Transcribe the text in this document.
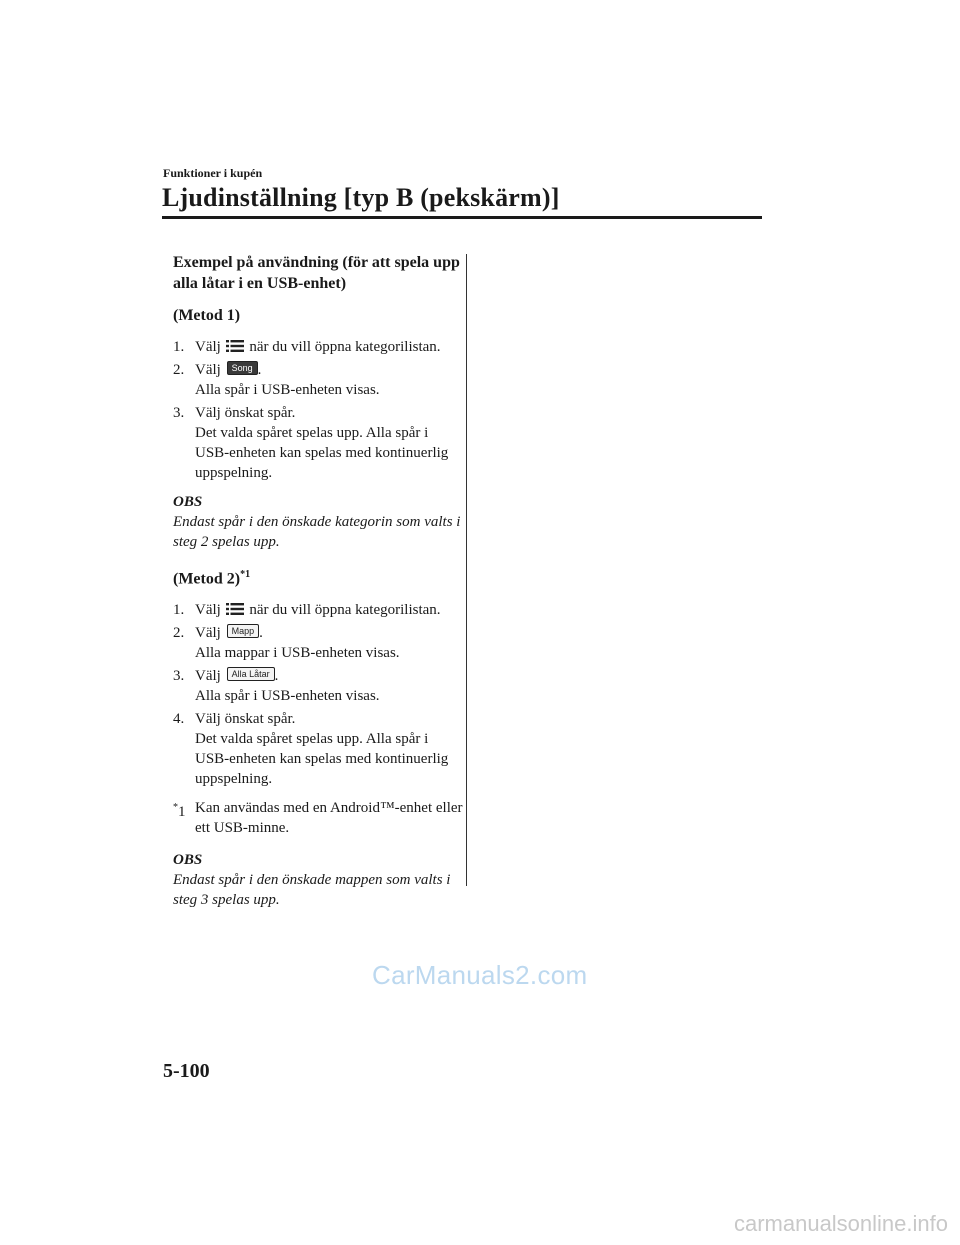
Funktioner i kupén
Ljudinställning [typ B (pekskärm)]
Exempel på användning (för att spela upp alla låtar i en USB-enhet)
(Metod 1)
1. Välj när du vill öppna kategorilistan.
2. Välj Song .
Alla spår i USB-enheten visas.
3. Välj önskat spår.
Det valda spåret spelas upp. Alla spår i USB-enheten kan spelas med kontinuerlig uppspelning.
OBS
Endast spår i den önskade kategorin som valts i steg 2 spelas upp.
(Metod 2)$^{*1}$
1. Välj när du vill öppna kategorilistan.
2. Välj Mapp .
Alla mappar i USB-enheten visas.
3. Välj Alla Låtar .
Alla spår i USB-enheten visas.
4. Välj önskat spår.
Det valda spåret spelas upp. Alla spår i USB-enheten kan spelas med kontinuerlig uppspelning.
*1 Kan användas med en Android™-enhet eller ett USB-minne.
OBS
Endast spår i den önskade mappen som valts i steg 3 spelas upp.
CarManuals2.com
5-100
carmanualsonline.info
